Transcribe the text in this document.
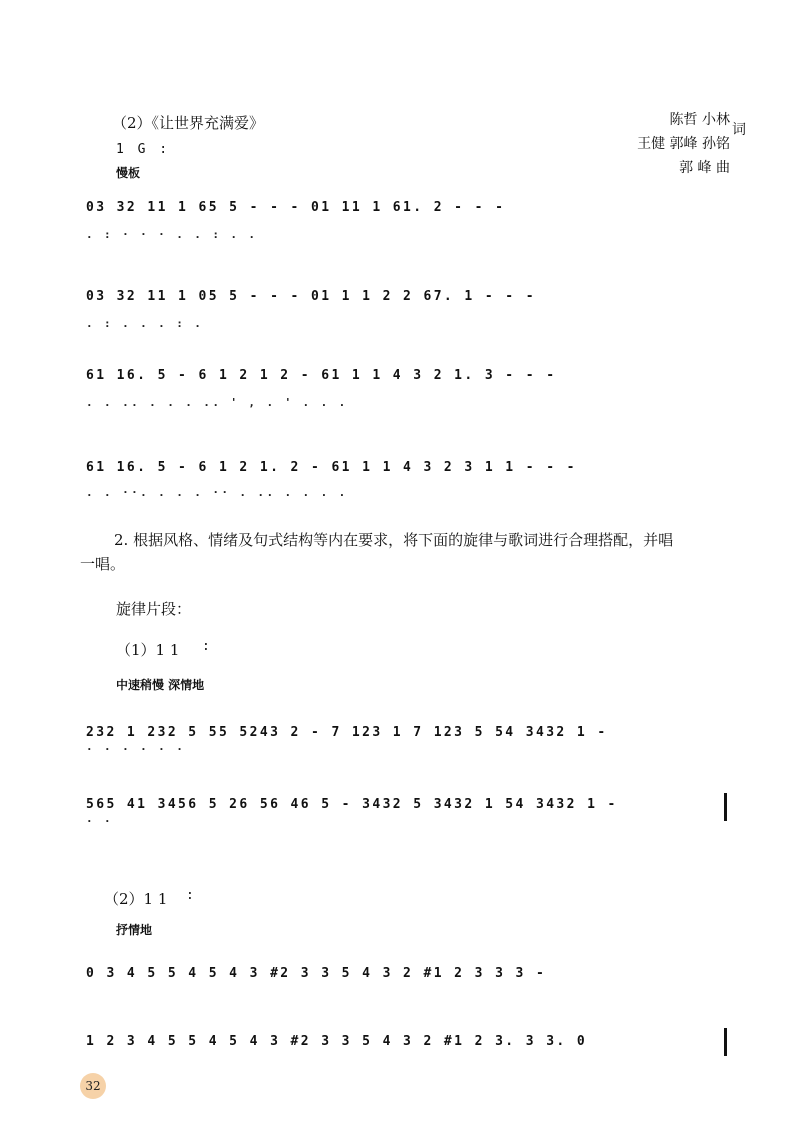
（2）《让世界充满爱》	陈哲 小林
王健 郭峰 孙铭
郭 峰 曲
词
1 G :
慢板
03 32 11 1 65 5 - - - 01 11 1 61. 2 - - -
. : · · · . . : . .
03 32 11 1 05 5 - - - 01 1 1 2 2 67. 1 - - -
. : . . . : .
61 16. 5 - 6 1 2 1 2 - 61 1 1 4 3 2 1. 3 - - -
. . .. . . . .. ' , . ' . . .
61 16. 5 - 6 1 2 1. 2 - 61 1 1 4 3 2 3 1 1 - - -
. . ··. . . . ·· . .. . . . .
2. 根据风格、情绪及句式结构等内在要求，将下面的旋律与歌词进行合理搭配，并唱
一唱。
旋律片段：
（1）1 1 :
中速稍慢 深情地
232 1 232 5 55 5243 2 - 7 123 1 7 123 5 54 3432 1 -
. . . . . .
565 41 3456 5 26 56 46 5 - 3432 5 3432 1 54 3432 1 -
. .
（2）1 1 :
抒情地
0 3 4 5 5 4 5 4 3 #2 3 3 5 4 3 2 #1 2 3 3 3 -
1 2 3 4 5 5 4 5 4 3 #2 3 3 5 4 3 2 #1 2 3. 3 3. 0
32
